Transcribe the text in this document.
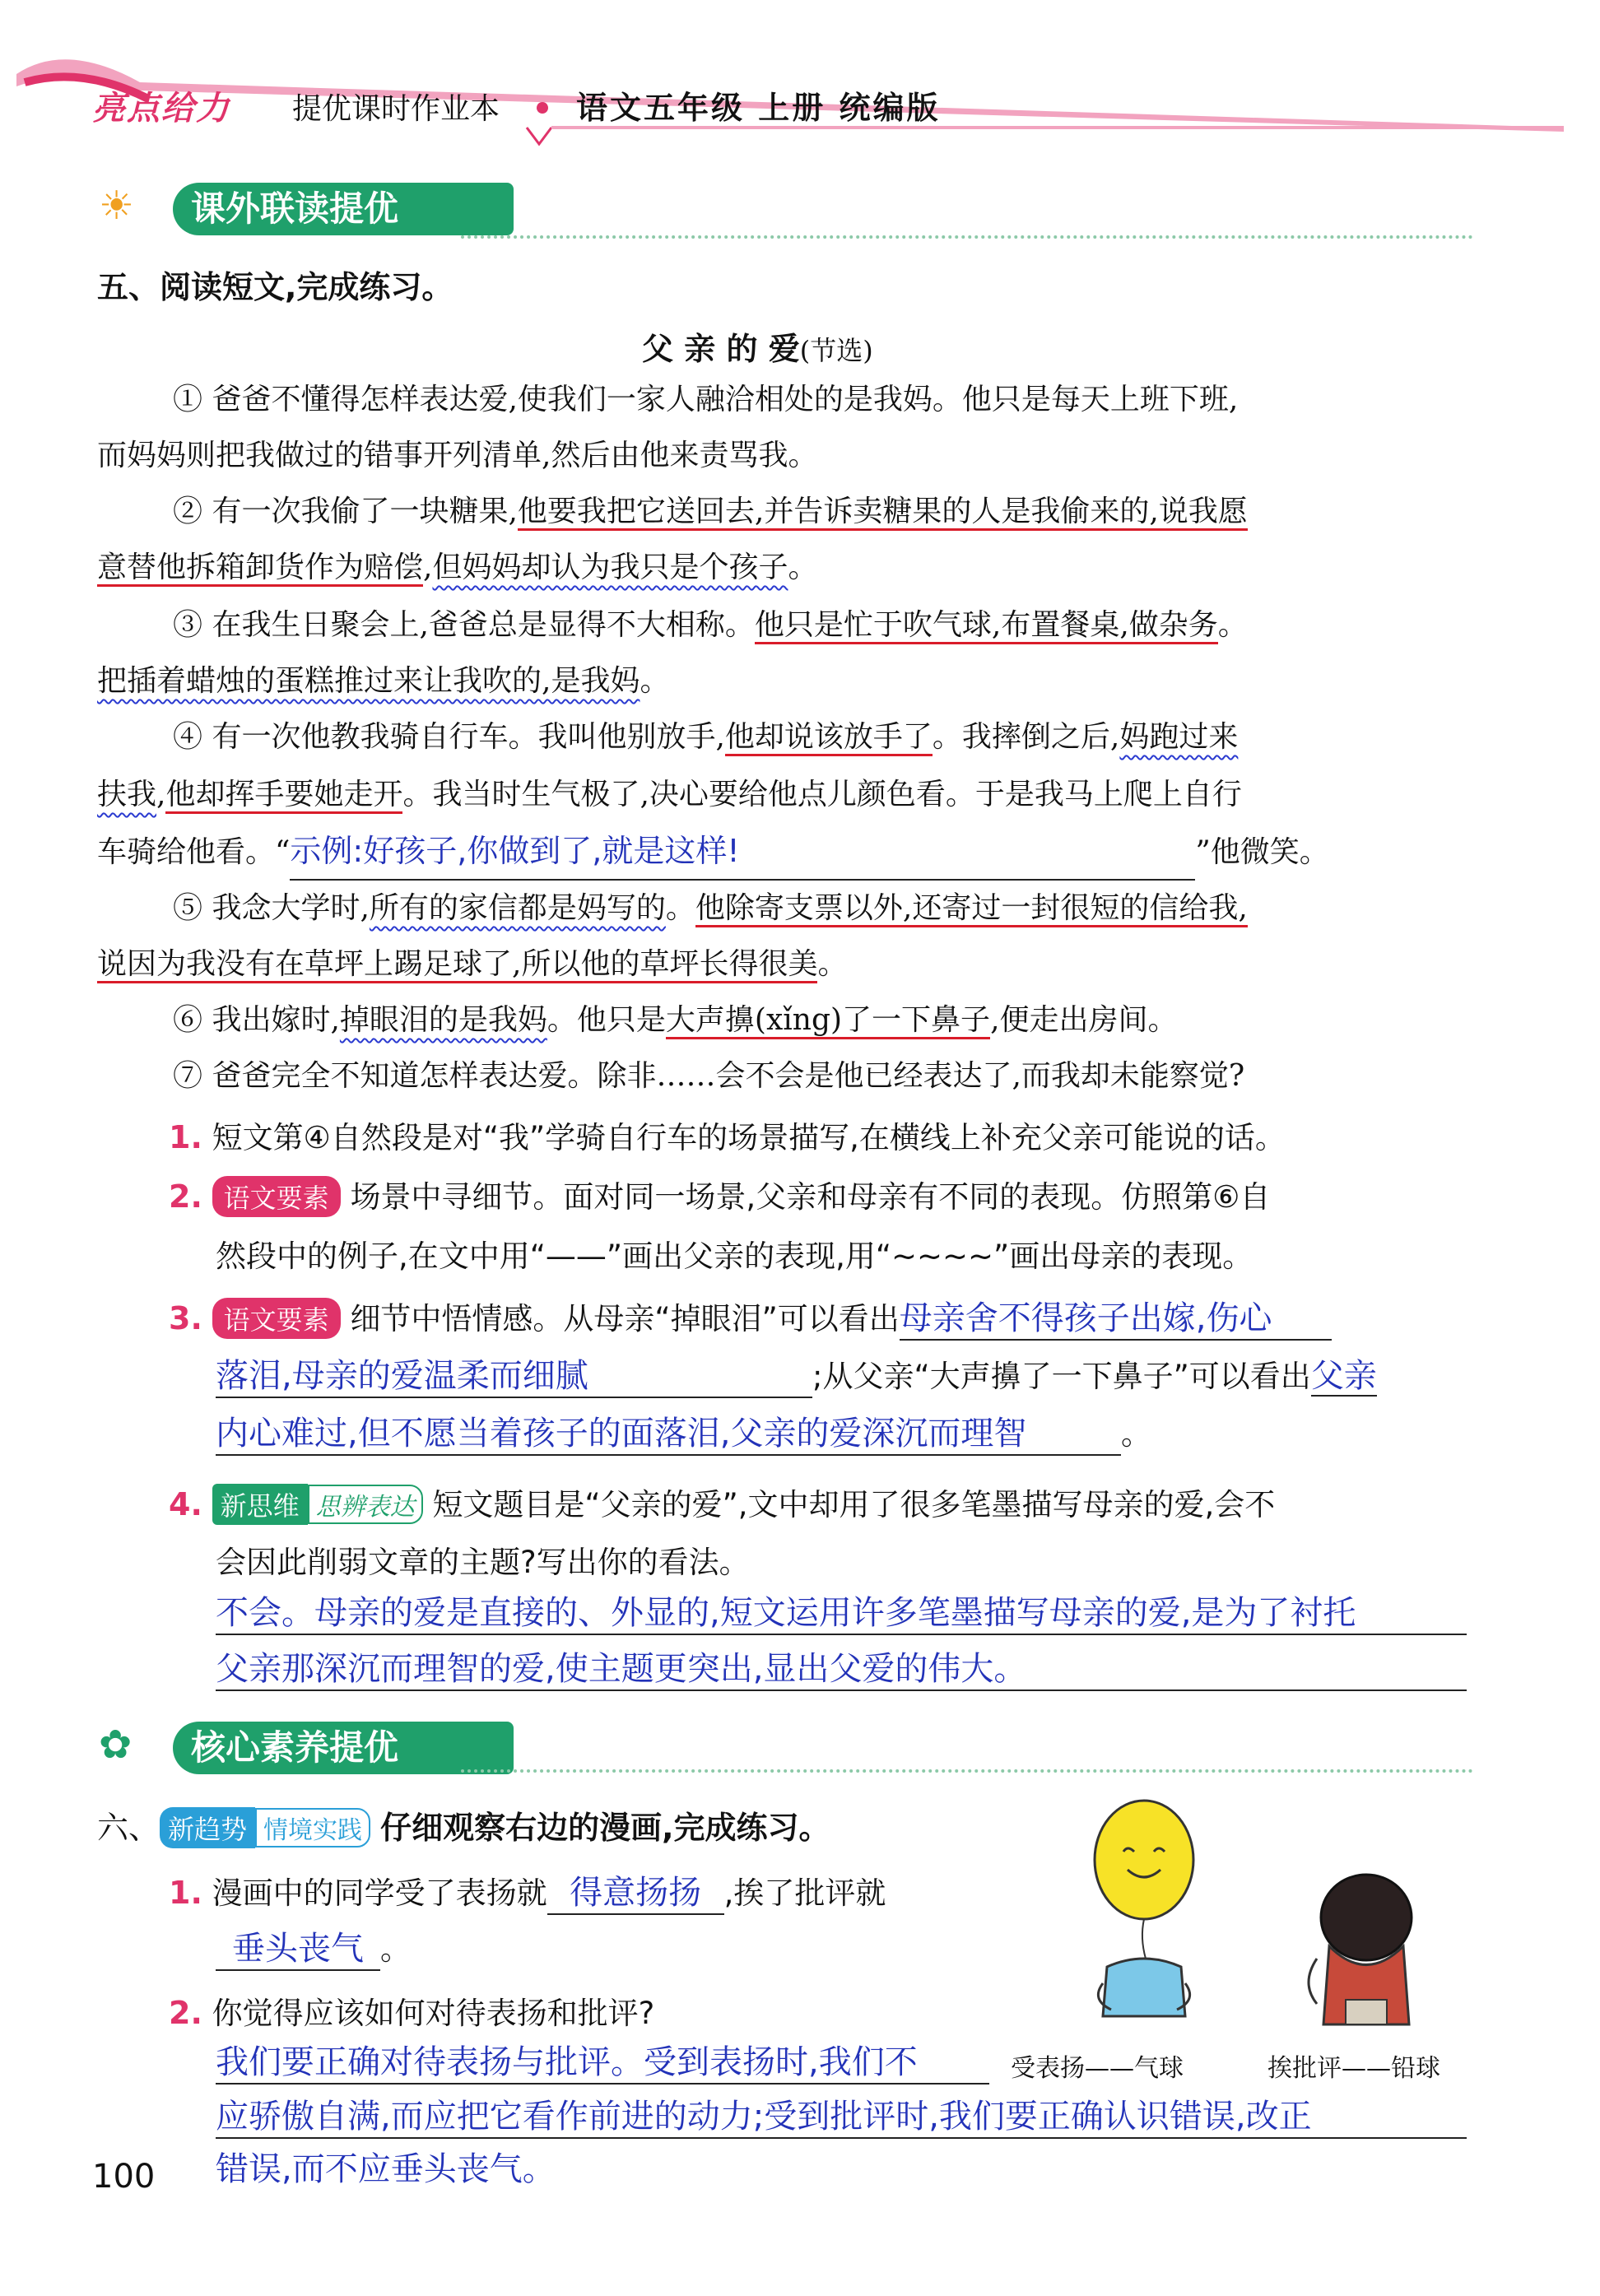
亮点给力 提优课时作业本 语文五年级 上册 统编版
☀	课外联读提优
五、阅读短文,完成练习。
父 亲 的 爱(节选)
① 爸爸不懂得怎样表达爱,使我们一家人融洽相处的是我妈。他只是每天上班下班,
而妈妈则把我做过的错事开列清单,然后由他来责骂我。
② 有一次我偷了一块糖果,他要我把它送回去,并告诉卖糖果的人是我偷来的,说我愿
意替他拆箱卸货作为赔偿,但妈妈却认为我只是个孩子。
③ 在我生日聚会上,爸爸总是显得不大相称。他只是忙于吹气球,布置餐桌,做杂务。
把插着蜡烛的蛋糕推过来让我吹的,是我妈。
④ 有一次他教我骑自行车。我叫他别放手,他却说该放手了。我摔倒之后,妈跑过来
扶我,他却挥手要她走开。我当时生气极了,决心要给他点儿颜色看。于是我马上爬上自行
车骑给他看。“示例:好孩子,你做到了,就是这样!	”他微笑。
⑤ 我念大学时,所有的家信都是妈写的。他除寄支票以外,还寄过一封很短的信给我,
说因为我没有在草坪上踢足球了,所以他的草坪长得很美。
⑥ 我出嫁时,掉眼泪的是我妈。他只是大声擤(xǐng)了一下鼻子,便走出房间。
⑦ 爸爸完全不知道怎样表达爱。除非……会不会是他已经表达了,而我却未能察觉?
1. 短文第④自然段是对“我”学骑自行车的场景描写,在横线上补充父亲可能说的话。
2. 语文要素 场景中寻细节。面对同一场景,父亲和母亲有不同的表现。仿照第⑥自
然段中的例子,在文中用“——”画出父亲的表现,用“~~~~”画出母亲的表现。
3. 语文要素 细节中悟情感。从母亲“掉眼泪”可以看出母亲舍不得孩子出嫁,伤心
落泪,母亲的爱温柔而细腻	;从父亲“大声擤了一下鼻子”可以看出父亲
内心难过,但不愿当着孩子的面落泪,父亲的爱深沉而理智	。
4. 新思维 思辨表达 短文题目是“父亲的爱”,文中却用了很多笔墨描写母亲的爱,会不
会因此削弱文章的主题?写出你的看法。
不会。母亲的爱是直接的、外显的,短文运用许多笔墨描写母亲的爱,是为了衬托
父亲那深沉而理智的爱,使主题更突出,显出父爱的伟大。
✿	核心素养提优
六、 新趋势 情境实践 仔细观察右边的漫画,完成练习。
1. 漫画中的同学受了表扬就 得意扬扬 ,挨了批评就
垂头丧气 。
2. 你觉得应该如何对待表扬和批评?
我们要正确对待表扬与批评。受到表扬时,我们不
应骄傲自满,而应把它看作前进的动力;受到批评时,我们要正确认识错误,改正
错误,而不应垂头丧气。
受表扬——气球	挨批评——铅球
100
